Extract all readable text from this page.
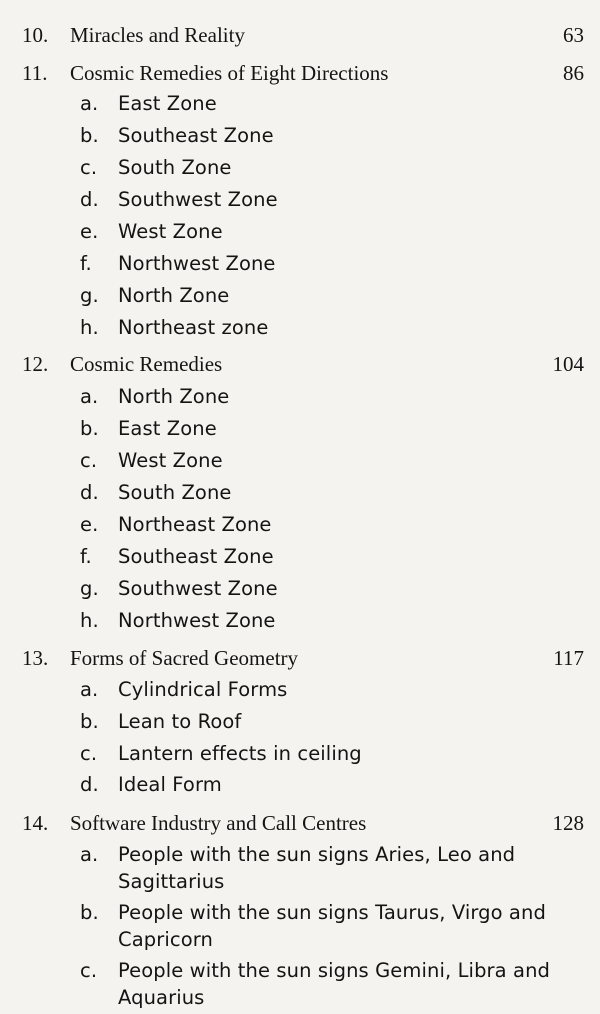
10. Miracles and Reality	63
11. Cosmic Remedies of Eight Directions	86
a. East Zone
b. Southeast Zone
c. South Zone
d. Southwest Zone
e. West Zone
f.	Northwest Zone
g. North Zone
h. Northeast zone
12. Cosmic Remedies	104
a. North Zone
b. East Zone
c. West Zone
d. South Zone
e. Northeast Zone
f.	Southeast Zone
g. Southwest Zone
h. Northwest Zone
13. Forms of Sacred Geometry	117
a. Cylindrical Forms
b. Lean to Roof
c. Lantern effects in ceiling
d. Ideal Form
14. Software Industry and Call Centres	128
a. People with the sun signs Aries, Leo and Sagittarius
b. People with the sun signs Taurus, Virgo and Capricorn
c. People with the sun signs Gemini, Libra and Aquarius
